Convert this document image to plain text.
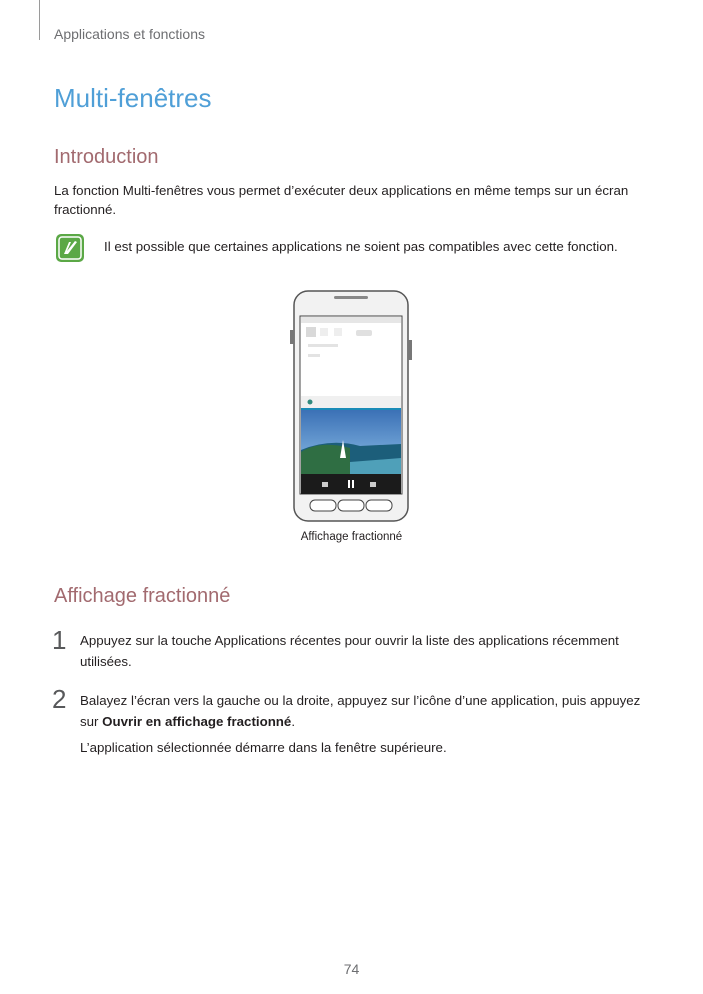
Applications et fonctions
Multi-fenêtres
Introduction

La fonction Multi-fenêtres vous permet d’exécuter deux applications en même temps sur un écran fractionné.

Il est possible que certaines applications ne soient pas compatibles avec cette fonction.
Affichage fractionné
Affichage fractionné
1 Appuyez sur la touche Applications récentes pour ouvrir la liste des applications récemment utilisées.

2 Balayez l’écran vers la gauche ou la droite, appuyez sur l’icône d’une application, puis appuyez sur Ouvrir en affichage fractionné.

L’application sélectionnée démarre dans la fenêtre supérieure.

74
